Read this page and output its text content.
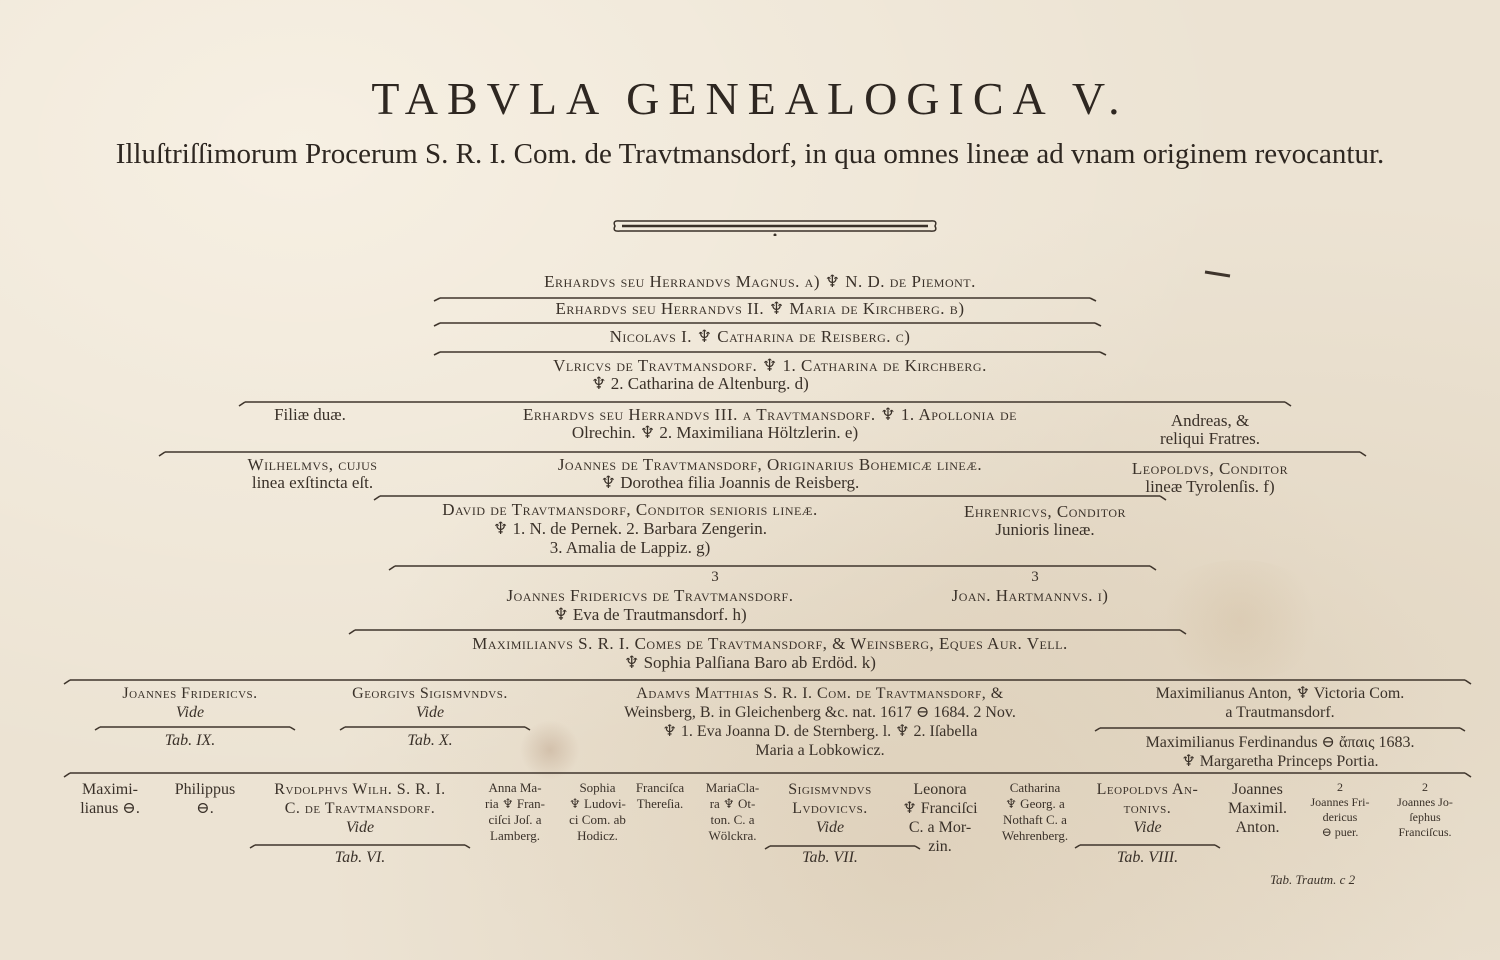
TABVLA GENEALOGICA V.
Illuſtriſſimorum Procerum S. R. I. Com. de Travtmansdorf, in qua omnes lineæ ad vnam originem revocantur.
Erhardvs ſeu Herrandvs Magnus. a) ♆ N. D. de Piemont.
Erhardvs ſeu Herrandvs II. ♆ Maria de Kirchberg. b)
Nicolavs I. ♆ Catharina de Reisberg. c)
Vlricvs de Travtmansdorf. ♆ 1. Catharina de Kirchberg.
♆ 2. Catharina de Altenburg. d)
Filiæ duæ.	Erhardvs ſeu Herrandvs III. a Travtmansdorf. ♆ 1. Apollonia de
Olrechin. ♆ 2. Maximiliana Höltzlerin. e)
Andreas, &
reliqui Fratres.
Wilhelmvs, cujus
linea exſtincta eſt.
Joannes de Travtmansdorf, Originarius Bohemicæ lineæ.
♆ Dorothea filia Joannis de Reisberg.
Leopoldvs, Conditor
lineæ Tyrolenſis. f)
David de Travtmansdorf, Conditor ſenioris lineæ.
♆ 1. N. de Pernek. 2. Barbara Zengerin.
3. Amalia de Lappiz. g)
Ehrenricvs, Conditor
Junioris lineæ.
3	3
Joannes Fridericvs de Travtmansdorf.
♆ Eva de Trautmansdorf. h)
Joan. Hartmannvs. i)
Maximilianvs S. R. I. Comes de Travtmansdorf, & Weinsberg, Eques Aur. Vell.
♆ Sophia Palſiana Baro ab Erdöd. k)
Joannes Fridericvs.
Vide
Tab. IX.
Georgivs Sigismvndvs.
Vide
Tab. X.
Adamvs Matthias S. R. I. Com. de Travtmansdorf, &
Weinsberg, B. in Gleichenberg &c. nat. 1617 ⊖ 1684. 2 Nov.
♆ 1. Eva Joanna D. de Sternberg. l. ♆ 2. Iſabella
Maria a Lobkowicz.
Maximilianus Anton, ♆ Victoria Com.
a Trautmansdorf.
Maximilianus Ferdinandus ⊖ ἄπαις 1683.
♆ Margaretha Princeps Portia.
Maximi-
lianus ⊖.
Philippus
⊖.
Rvdolphvs Wilh. S. R. I.
C. de Travtmansdorf.
Vide
Tab. VI.
Anna Ma-
ria ♆ Fran-
ciſci Joſ. a
Lamberg.
Sophia
♆ Ludovi-
ci Com. ab
Hodicz.
Franciſca
Thereſia.
MariaCla-
ra ♆ Ot-
ton. C. a
Wölckra.
Sigismvndvs
Lvdovicvs.
Vide
Tab. VII.
Leonora
♆ Franciſci
C. a Mor-
zin.
Catharina
♆ Georg. a
Nothaft C. a
Wehrenberg.
Leopoldvs An-
tonivs.
Vide
Tab. VIII.
Joannes
Maximil.
Anton.
2
Joannes Fri-
dericus
⊖ puer.
2
Joannes Jo-
ſephus
Franciſcus.
Tab. Trautm. c 2
